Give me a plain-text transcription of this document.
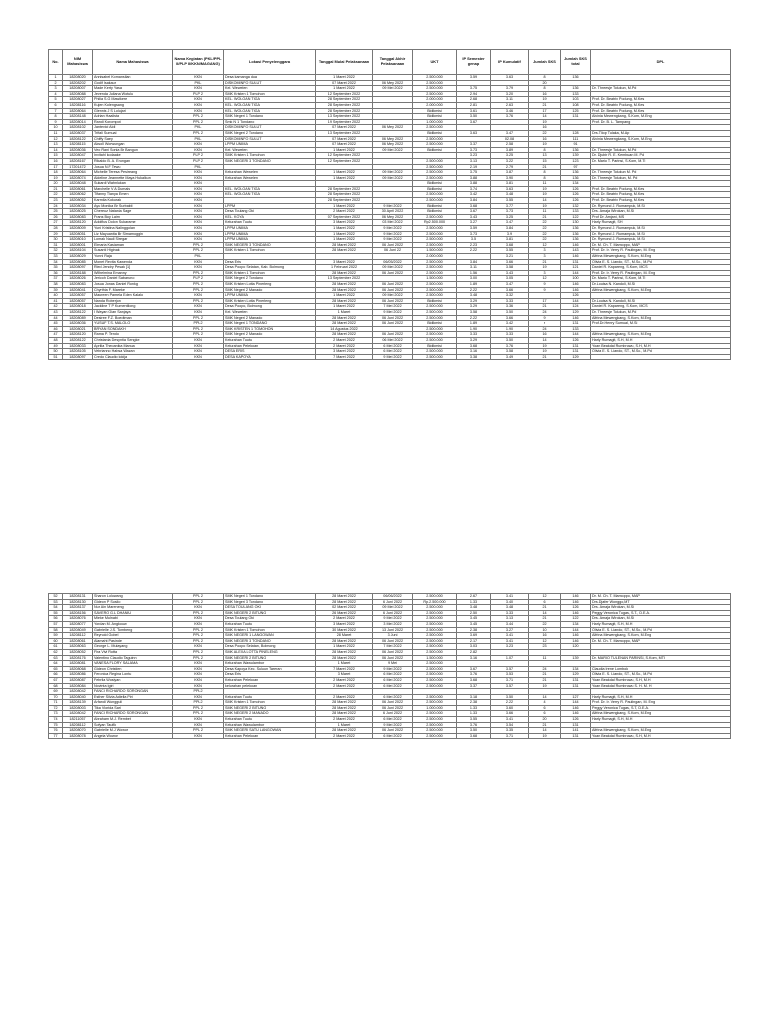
No.	NIM Mahasiswa	Nama Mahasiswa	Nama Kegiatan (PKL/PPL II/PLP II/KKN/MAGANG)	Lokasi Penyelenggara	Tanggal Mulai Pelaksanaan	Tanggal Akhir Pelaksanaan	UKT	IP Semester genap	IP Kumulatif	Jumlah SKS	Jumlah SKS total	DPL
1	18208020	Annisabel Komansilan	KKN	Desa kamanga dua	1 Maret 2022		2.500.000	3.59	3.63	8	136	
2	18208202	Godif Isakaur	PKL	DISKOMINFO SULUT	07 Maret 2022	06 Mey 2022	2.500.000			20		
3	18208007	Made Kerty Yasa	KKN	Kel. Wewelen	1 Maret 2022	09 Mei 2022	2.500.000	3.75	3.79	8	136	Dr. Threesje Tolukun, M.Pd
4	18208088	Jevenda Juliana Wotulu	PLP 2	SMK Kristen 1 Tomohon	12 September 2022		2.500.000	2.94	3.20	16	133	
5	18208027	Philia S.G Mawikere	KKN	KEL. WOLOAN TIGA	28 September 2022		2.000.000	2.68	3.11	19	103	Prof. Dr. Beatrix Podung, M.Kes
6	18208116	Kujen Kolengsang	KKN	KEL. WOLOAN TIGA	28 September 2022		2.000.000	2.81	2.63	21	108	Prof. Dr. Beatrix Podung, M.Kes
7	18208064	Glennis J S Lolujari	KKN	KEL. WOLOAN TIGA	28 September 2022		Bidikmisi	3.61	3.46	17	125	Prof. Dr. Beatrix Podung, M.Kes
8	18208148	Adrian Haalista	PPL 2	SMK Negeri 1 Tondano	13 September 2022		Bidikmisi	3.50	3.76	14	131	Alvinia Mewengkang, S.Kom, M.Eng
9	18208014	Randi Korompot	PPL 2	Smk N 1 Tondano	19 September 2022		1.000.000	3.67		19		Prof. Dr. B. L. Tampang
10	18208102	Jantevici Aldi	PKL	DISKOMINFO SULUT	07 Maret 2022	06 Mey 2022	2.500.000			16		
11	18208037	Trifali Sumual	PPL 2	SMK Negeri 2 Tondano	13 September 2022		Bidikmisi	3.63	3.47	22	128	Drs.Tliop Tulaka, M.Ap
12	18208122	Chiffy Saey	PKL	DISKOMINFO SULUT	07 Maret 2022	06 Mey 2022	2.500.000		02.08	16	111	Alvinia Mewengkang, S.Kom, M.Eng
13	18208115	Aksoll Worwungan	KKN	LPPM UNIMA	07 Maret 2022	06 Mey 2022	2.500.000	3.37	2.58	19	91	
14	18208036	Veo Rani Sonia Br Bangun	KKN	Kel. Wewelen	1 Maret 2022	09 Mei 2022	Bidikmisi	3.73	3.89	8	136	Dr. Threesje Tolukun, M.Pd
15	18208047	Invitahl kodaake	PLP 2	SMK Kristen 1 Tomohon	12 September 2022			3.23	3.25	13	139	Dr. Djubir R. E. Kembuan M. Pd
16	18208167	Rikaldo B. A. Erungan	PLP 2	SMK NEGERI 3 TONDANO	12 September 2022		2.500.000	3.13	3.22	15	123	Dr. Mario T. Parinsi, S.Kom, M.Ti
17	17201472	Josua N.F Tewu	PKL				2.500.000	2.19	2.79	21	97	
18	18208064	Michelle Teresa Pesireang	KKN	Kelurahan Wewelen	1 Maret 2022	09 Mei 2022	2.500.000	3.75	3.87	8	136	Dr. Threesje Tolukun M. Pd
19	18208074	Aldeline Jeannette Maya Hukalkun	KKN	Kelurahan Wewelen	1 Maret 2022	09 Mei 2022	2.500.000	3.88	3.90	8	136	Dr. Threesje Tolukun, M. Pd
20	18208048	Sukardi Wahnlukan	KKN				Bidikmisi	3.88	3.81	11	134	
21	18208061	Marchelle V A Dumais	KKN	KEL. WOLOAN TIGA	28 September 2022		Bidikmisi	3.74	3.63	19	126	Prof. Dr. Beatrix Podung, M.Kes
22	18208062	Tifanny Tianya Emen	KKN	KEL. WOLOAN TIGA	28 September 2022		2.500.000	3.42	3.48	19	126	Prof. Dr. Beatrix Podung, M.Kes
23	18208052	Karmila Kokurak	KKN		28 September 2022		2.500.000	3.84	3.55	14	126	Prof. Dr. Beatrix Podung, M.Kes
24	18208034	Ayu Monika Br Surbakti	KKN	LPPM	1 Maret 2022	9 Mei 2022	Bidikmisi	3.68	3.77	19	132	Dr. Rymond J. Rumampuk, M.Si
25	18208025	Chereuz Natania Sage	KKN	Desa Toulang Oki	2 Maret 2022	30 April 2022	Bidikmisi	3.67	3.73	11	133	Drs. Amaja Wirokan, M.Si
26	18208083	Frans Boy Laim	KKN	KEL. KOYA	07 September 2022	06 Mey 2022	2.500.000	3.43	3.25	21	122	Prof Dr. Amjani, MS
27	18208120	Adolfius Dolon Sukarame	KKN	Kelurahan Tuutu	3 Maret 2022	03 Mei 2022	Rp2.500.000	3.27	3.47	22	130	Harly Rumagit, SH
28	18208009	Yuni Kristina Nalinggolan	KKN	LPPM UNIMA	1 Maret 2022	9 Mei 2022	2.500.000	3.59	3.84	22	136	Dr. Rymond J. Rumampuk, M.Si
29	18208051	Liz Mayuanita Br Simamoggin	KKN	LPPM UNIMA	1 Maret 2022	9 Mei 2022	2.500.000	3.73	3.9	22	136	Dr. Rymond J. Rumampuk, M.Si
30	18208010	Lomak Nauli Siregar	KKN	LPPM UNIMA	1 Maret 2022	9 Mei 2022	2.500.000	3.5	3.81	22	136	Dr. Rymond J. Rumampuk, M.Si
31	18208001	Elmaria Kasiaman	PPL 2	SMK NEGERI 3 TONDANO	28 Maret 2022	06 Juni 2022	2.500.000	2.23	3.68	12	146	Dr. M. Ch. T. Mamoppo, MAP
32	18208104	Susanti Higinak	PPL 2	SMK Kristen 1 Tomohon	28 Maret 2022	06 Juni 22	1.500.000	2.22	3.55	3	143	Prof. Dr. Ir. Verry R. Paulingan, M. Eng
33	18208029	Yunni Raja	PKL				2.000.000		3.21	3	146	Alfrina Mewengkang, S.Kom, M.Eng
34	18208085	Monet Revita Kawenda	KKN	Desa Eris	3 Maret 2022	06/05/2022	2.500.000	3.84	3.66	21	131	Olivia E. S. Liando, ST., M.Sc., M.Pd
35	18208097	Ried Jendry Pesak [1]	KKN	Desa Poopo Selatan, Kab. Bolmong	1 Februari 2022	09 Mei 2022	2.500.000	3.11	3.58	19	121	Daniel R. Kapareng, S.Kom, MCS
36	18208188	Wilhelmina Emanny	PPL 2	SMK Kristen 1 Tomohon	28 Maret 2022	06 Juni 2022	2.500.000	1.56	3.43	3	144	Prof. Dr. Ir. Verry R. Paulingan, M. Eng
37	18208026	Jericoh Daniel Sabaruno	PLP 2	SMK Negeri 2 Tondano	13 September 2022		1.500.000	3.00	3.05	12	100	Dr. Mario T. Parinsi, S.Kom, M.Ti
38	18208083	Josua Jonas Daniel Ronkg	PPL 2	SMK Kristen Lotta Pinerleng	28 Maret 2022	06 Juni 2022	2.500.000	1.89	3.47	9	146	Dr.Louisa N. Kandoli, M.Si
39	18208041	Chyrthia F. Mareke	PPL 2	SMK Negeri 2 Manado	28 Maret 2022	06 Juni 2022	2.500.000	2.22	3.66	9	146	Alfrina Mewengkang, S.Kom, M.Eng
40	18208057	Maureen Pamela Eden Kalalo	KKN	LPPM UNIMA	1 Maret 2022	09 Mei 2022	2.500.000	3.48	3.32		126	
41	18208057	Nanda Roberjon	PPL 2	SMK Kristen Lotta Pinerleng	28 Maret 2022	06 Juni 2022	Bidikmisi	3.29	3.33	17	144	Dr.Louisa N. Kandoli, M.Si
42	18208018	Jackline T P Kumentilong	KKN	Desa Poopo, Bolmong	1 Maret 2022	7 Mei 2022	2.500.000	3.29	3.36	21	124	Daniel R. Kapareng, S.Kom, MCS
43	18208122	I Wayan Gian Sanjaya	KKN	Kel. Wewelen	1 Maret	9 Mei 2022	2.500.000	3.58	3.50	24	129	Dr. Threesje Tolukun, M.Pd
44	18208089	Desiree F.Z. Boedtman	PPL 2	SMK Negeri 2 Manado	28 Maret 2022	06 Juni 2022	2.500.000	2.22	3.66	9	146	Alfrina Mewengkang, S.Kom, M.Eng
45	18208036	YUSUF T.S. MALOLO	PPL2	SMK Negeri 1 TONDANO	28 Maret 2022	06 Juni 2022	Bidikmisi	1.89	3.42	r	131	Prof.Dr.Henry Sumual, M.Si
46	18208021	BRYAN SONDAKH	PPL 2	SMK KRISTEN 1 TOMOHON	14 Agustus 2022		2.500.000	1.90	1.90	24	133	
47	18208120	Rama P. Tendo	PPL 2	SMK Negeri 2 Manado	28 Maret 2022	06 Juni 2022	2.500.000	3.33	3.33	16	144	Alfrina Mewengkang, S.Kom, M.Eng
48	18208122	Christania Desyntia Sengke	KKN	Kelurahan Tuutu	2 Maret 2022	06 Mei 2022	2.500.000	3.29	3.50	14	126	Harly Rumagit, S.H, M.H
49	18208033	Aprilia Theoanika Manua	KKN	Kelurahan Pelekoan	2 Maret 2022	6 Mei 2022	Bidikmisi	3.68	3.76	19	131	Yoan Beakdal Rumbruwu, S.H, M.H
50	18208105	Vebrianno Habsa Wazan	KKN	DESA ERIS	3 Maret 2022	6 Mei 2022	2.500.000	3.16	3.58	19	131	Olivia E. S. Liando, ST., M.Sc., M.Pd
51	18208097	Credo Claudio lokija	KKN	DESA KAPOYA	7 Maret 2022	9 Mei 2022	2.500.000	3.38	3.49	21	129	
52	18208131	Sharon Lolowang	PPL 2	SMK Negeri 1 Tondano	28 Maret 2022	06/06/2022	2.500.000	2.67	3.41	12	146	Dr. M. Ch. T. Mamoppo, MAP
53	18208130	Gideon P Susilo	PPL 2	SMK Negeri 3 Tondano	28 Maret 2022	6 Juni 2022	Rp.2.500.000	1.33	3.40	6	146	Drs.Djafer Wonggo,MT
54	18208137	Nur Ain Mareneng	KKN	DESA TOULANG OKI	02 Maret 2022	09 Mei 2022	2.500.000	3.48	3.48	21	126	Drs. Amaja Wirokan, M.Si
55	18208156	SAVERO G.L DHANIU	PPL 2	SMK NEGERI 2 BITUNG	26 Maret 2022	6 Juni 2022	2.500.000	2.50	3.33	14	146	Peggy Veronica Tugas, S.T., D.E.A.
56	18208076	Mieke Mulnabi	KKN	Desa Toulang Oki	2 Maret 2022	9 Mei 2022	2.500.000	3.45	3.13	21	122	Drs. Amaja Wirokan, M.Si
57	18208077	Yordan M. Angkouw	KKN	Kelurahan Tuutu	3 Maret 2022	3 Mei 2022	2.500.000	3.45	3.44	22	134	Harly Rumagit, S.H, M.H
58	18208049	Gabrielle J.S. Tombeng	PPL 2	SMK Kristen 1 Tomohon	30 Maret 2022	13 Juni 2022	2.500.000	2.38	3.27	10	144	Olivia E. S. Liando, ST., M.Sc., M.Pd
59	18208112	Reynold Gobel	PPL 2	SMK NEGERI 1 LANGOWAN	28 Maret	3 Juni	2.500.000	3.69	3.41	16	146	Alfrina Mewengkang, S.Kom, M.Eng
60	18208061	Alamaht Pasinde	PPL 2	SMK NEGERI 3 TONDANO	28 Maret 2022	06 Juni 2022	2.500.000	2.17	3.41	12	146	Dr. M. Ch. T. Mamoppo, MAP
61	18208063	George L. Mulayang	KKN	Desa Poopo Selatan, Bolmong	1 Maret 2022	7 Mei 2022	2.500.000	3.03	3.23	23	120	
62	18208052	Fira Vivi Rotta	PPL 2	SMK ALEXA LOTTA PINELENG	28 Maret 2022	06 Juni 2022	2.500.000	2.82				
63	18208176	Valentino Claudio Taguinn	PPL 2	SMK NEGERI 2 BITUNG	28 Maret 2022	06 Juni 2022	1.500.000	3.16	1.07	11	139	Dr. MARIO TULENAN PARINSI, S.Kom, MTI
64	18208081	VANESA FLORY SALAMA	KKN	Kelurahan Wawulambor	1 Maret	9 Mei	2.500.000					
65	18208068	Gideon Christien	KKN	Desa Kapoya Kec. Suluun Tareran	7 Maret 2022	9 Mei 2022	2.500.000	3.67	3.57	24	134	Claudia Irene Lombok
66	18208086	Feronica Regina Lontu	KKN	Desa Eris	3 Maret	6 Mei 2022	2.500.000	3.76	3.53	21	129	Olivia E. S. Liando, ST., M.Sc., M.Pd
67	18208087	Febrila Wosiyan	KKN	Kelurahan Pelekoan	2 Maret 2022	6 Mei 2022	2.500.000	3.68	3.71	21	131	Yoan Beakdal Rumbruwu, S.H, M.H
68	18208084	Novinta Igiri	KKN	kelurahan pelekoan	2 Maret 2022	6 Mei 2022	2.500.000	3.37	3.57	19	131	Yoan Beakdal Rumbruwu S. H. M. H
69	18208042	FANCI RICHARDO SORONGAN	PPL2									
70	18208040	Esther Silvia Adiella Piri	KKN	Kelurahan Tuutu	2 Maret 2022	6 Mei 2022	2.500.000	3.18	3.50	14	127	Harly Rumagit, S.H, M.H
71	18208139	Arfandi Wungguli	PPL2	SMK Kristen 1 Tomohon	28 Maret 2022	06 Juni 2022	2.500.000	2.38	2.22	4	144	Prof. Dr. Ir. Verry R. Paulingan, M. Eng
72	18208003	Tika Viorida Sari	PPL 2	SMK NEGERI 2 BITUNG	28 Maret 2022	06 Juni 2022	1.000.000	1.33	3.60	6	146	Peggy Veronica Tugas, S.T, D.E.A.
73	18208042	FANCI RICHARDO SORONGAN	PPL 2	SMK NEGERI 2 MANADO	28 Maret 2022	6 Juni 2022	2.500.000	1.33	3.66	6	146	Alfrina Mewengkang, S.Kom, M.Eng
74	18211057	Abraham M.J. Rembet	KKN	Kelurahan Tuutu	2 Maret 2022	6 Mei 2022	2.500.000	3.55	3.41	20	126	Harly Rumagit, S.H, M.H
75	18208112	Sofyan Taufik	KKN	Kelurahan Wawulambor	1 Maret	9 Mei 2022	2.500.000	3.76	3.54	21	131	
76	18208070	Gabrielle M.J Wowor	PPL 2	SMK NEGERI SATU LANGOWAN	28 Maret 2022	06 Juni 2022	2.500.000	3.50	3.35	14	141	Alfrina Mewengkang, S.Kom, M.Eng
77	18208078	Angela Wowor	KKN	Kelurahan Pelekoan	2 Maret 2022	6 Mei 2022	2.500.000	3.68	3.71	19	131	Yoan Beakdal Rumbruwu, S.H, M.H
